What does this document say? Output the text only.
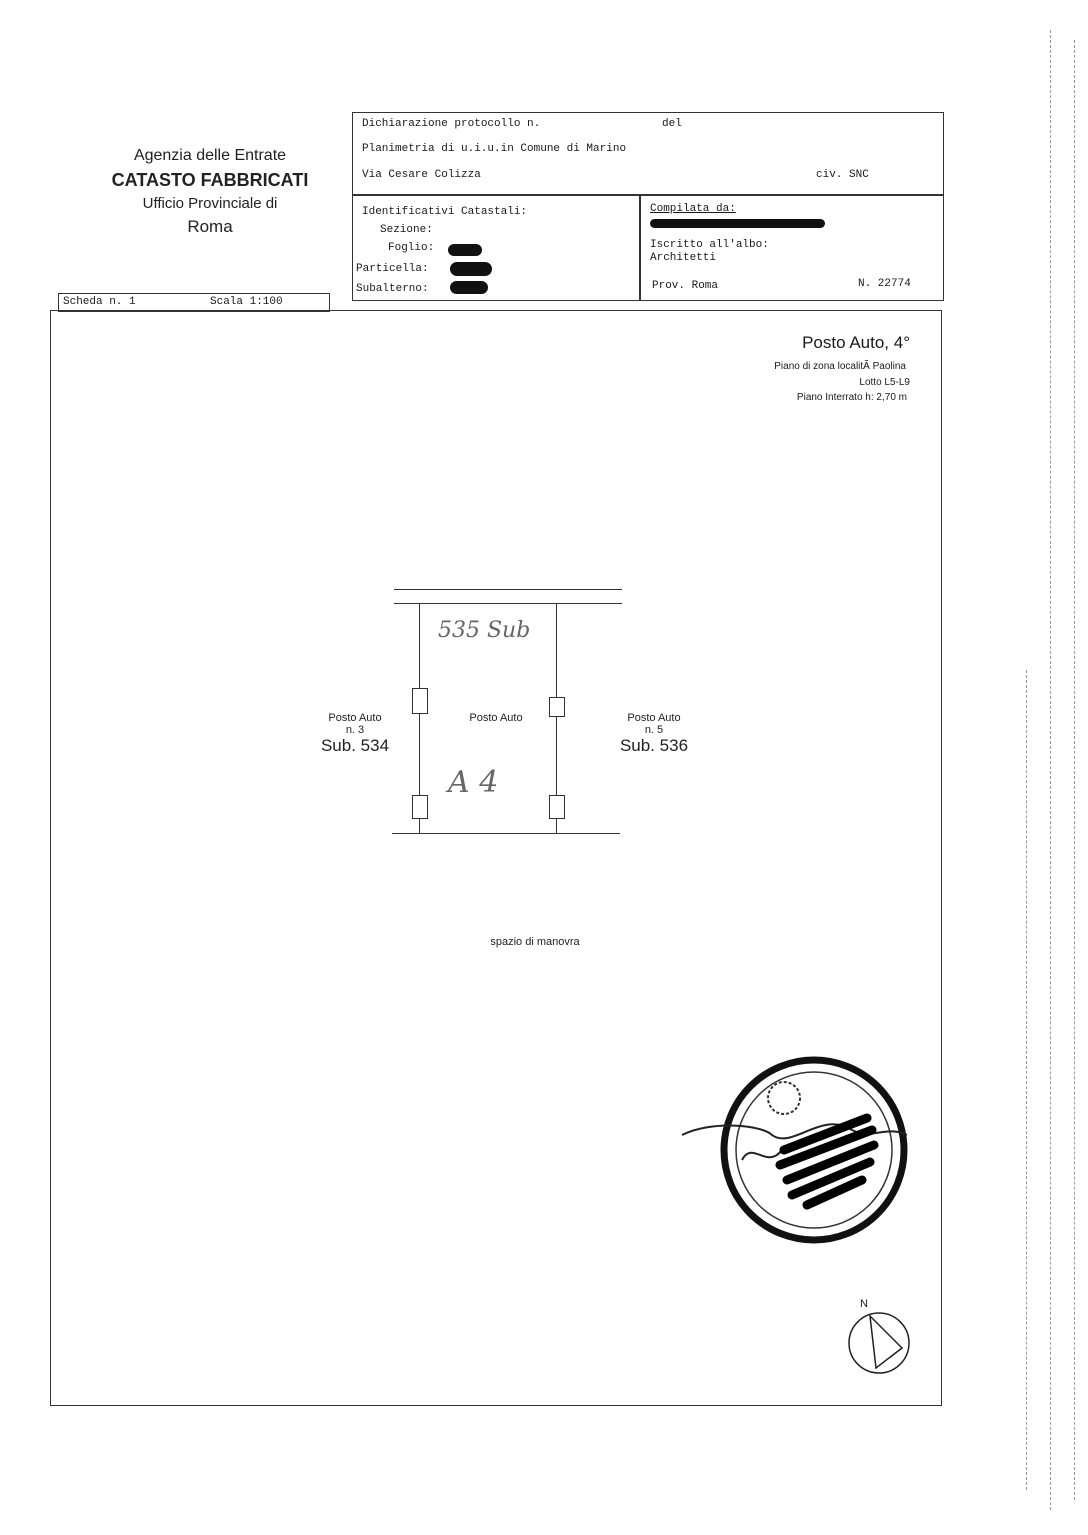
Agenzia delle Entrate
CATASTO FABBRICATI
Ufficio Provinciale di
Roma
Dichiarazione protocollo n.	del
Planimetria di u.i.u.in Comune di Marino
Via Cesare Colizza	civ. SNC
Identificativi Catastali:
Sezione:
Foglio:
Particella:
Subalterno:
Compilata da:
Iscritto all'albo:
Architetti
Prov. Roma	N. 22774
Scheda n. 1	Scala 1:100
Posto Auto, 4°
Piano di zona localitÃ Paolina
Lotto L5-L9
Piano Interrato h: 2,70 m
535 Sub
A 4
Posto Auto
n. 3
Sub. 534
Posto Auto	Posto Auto
n. 5
Sub. 536
spazio di manovra
N
